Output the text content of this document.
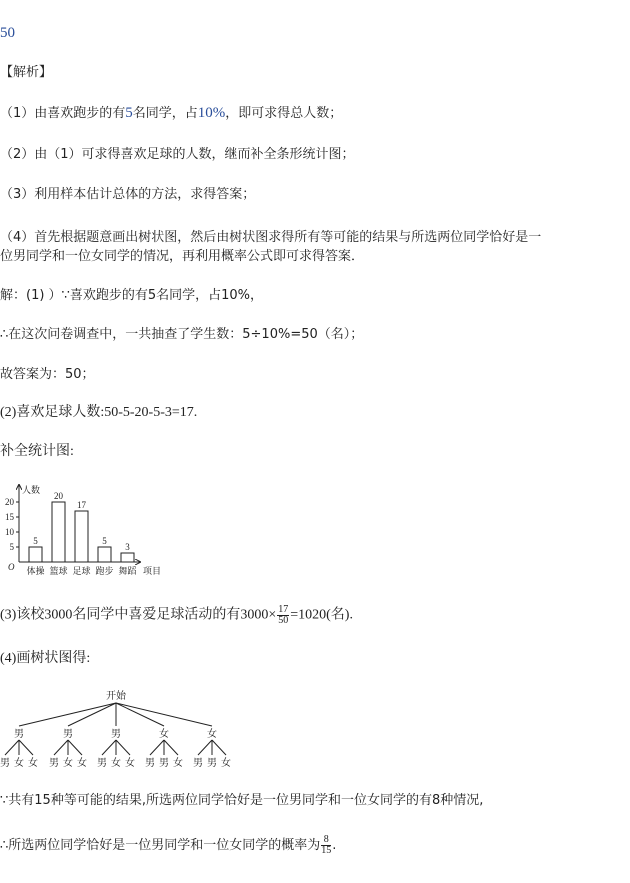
50
【解析】
（1）由喜欢跑步的有5名同学，占10%，即可求得总人数；
（2）由（1）可求得喜欢足球的人数，继而补全条形统计图；
（3）利用样本估计总体的方法，求得答案；
（4）首先根据题意画出树状图，然后由树状图求得所有等可能的结果与所选两位同学恰好是一
位男同学和一位女同学的情况，再利用概率公式即可求得答案．
解：(1) ）∵喜欢跑步的有5名同学，占10%，
∴在这次问卷调查中，一共抽查了学生数：5÷10%=50（名）；
故答案为：50；
(2)喜欢足球人数:50-5-20-5-3=17.
补全统计图:
人数
项目
O
20
15
10
5
5
体操
20
篮球
17
足球
5
跑步
3
舞蹈
(3)该校3000名同学中喜爱足球活动的有$3000\times \frac{17}{50} =1020$(名).
(4)画树状图得:
开始
男
男 女 女
男
男 女 女
男
男 女 女
女
男 男 女
女
男 男 女
∵共有15种等可能的结果,所选两位同学恰好是一位男同学和一位女同学的有8种情况,
∴所选两位同学恰好是一位男同学和一位女同学的概率为 $\frac{8}{15}$ .
